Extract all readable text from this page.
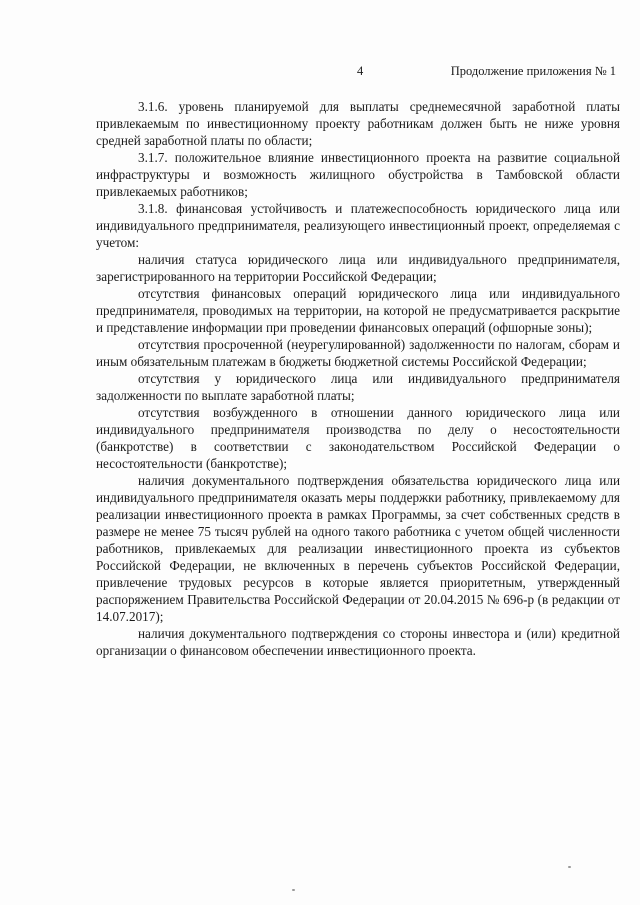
4	Продолжение приложения № 1

3.1.6. уровень планируемой для выплаты среднемесячной заработной платы привлекаемым по инвестиционному проекту работникам должен быть не ниже уровня средней заработной платы по области;

3.1.7. положительное влияние инвестиционного проекта на развитие социальной инфраструктуры и возможность жилищного обустройства в Тамбовской области привлекаемых работников;

3.1.8. финансовая устойчивость и платежеспособность юридического лица или индивидуального предпринимателя, реализующего инвестиционный проект, определяемая с учетом:

наличия статуса юридического лица или индивидуального предпринимателя, зарегистрированного на территории Российской Федерации;

отсутствия финансовых операций юридического лица или индивидуального предпринимателя, проводимых на территории, на которой не предусматривается раскрытие и представление информации при проведении финансовых операций (офшорные зоны);

отсутствия просроченной (неурегулированной) задолженности по налогам, сборам и иным обязательным платежам в бюджеты бюджетной системы Российской Федерации;

отсутствия у юридического лица или индивидуального предпринимателя задолженности по выплате заработной платы;

отсутствия возбужденного в отношении данного юридического лица или индивидуального предпринимателя производства по делу о несостоятельности (банкротстве) в соответствии с законодательством Российской Федерации о несостоятельности (банкротстве);

наличия документального подтверждения обязательства юридического лица или индивидуального предпринимателя оказать меры поддержки работнику, привлекаемому для реализации инвестиционного проекта в рамках Программы, за счет собственных средств в размере не менее 75 тысяч рублей на одного такого работника с учетом общей численности работников, привлекаемых для реализации инвестиционного проекта из субъектов Российской Федерации, не включенных в перечень субъектов Российской Федерации, привлечение трудовых ресурсов в которые является приоритетным, утвержденный распоряжением Правительства Российской Федерации от 20.04.2015 № 696-р (в редакции от 14.07.2017);

наличия документального подтверждения со стороны инвестора и (или) кредитной организации о финансовом обеспечении инвестиционного проекта.
